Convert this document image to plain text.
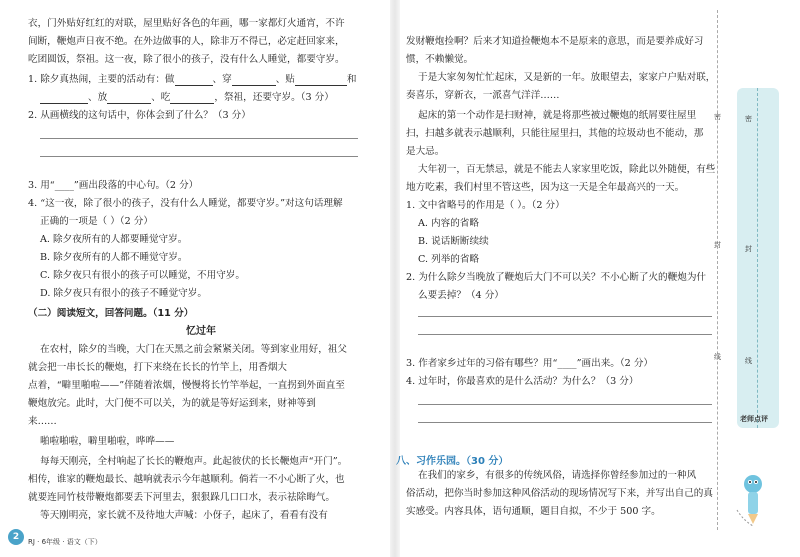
衣，门外贴好红红的对联，屋里贴好各色的年画，哪一家都灯火通宵，不许
间断，鞭炮声日夜不绝。在外边做事的人，除非万不得已，必定赶回家来，
吃团圆饭，祭祖。这一夜，除了很小的孩子，没有什么人睡觉，都要守岁。
1. 除夕真热闹，主要的活动有：做	、穿	、贴	和
、放	、吃	，祭祖，还要守岁。（3 分）
2. 从画横线的这句话中，你体会到了什么？（3 分）
3. 用“____”画出段落的中心句。（2 分）
4. “这一夜，除了很小的孩子，没有什么人睡觉，都要守岁。”对这句话理解
正确的一项是（ ）（2 分）
A. 除夕夜所有的人都要睡觉守岁。
B. 除夕夜所有的人都不睡觉守岁。
C. 除夕夜只有很小的孩子可以睡觉，不用守岁。
D. 除夕夜只有很小的孩子不睡觉守岁。
（二）阅读短文，回答问题。（11 分）
忆过年
在农村，除夕的当晚，大门在天黑之前会紧紧关闭。等到家业用好，祖父
就会把一串长长的鞭炮，打下来绕在长长的竹竿上，用香烟大
点着，“噼里啪啦——”伴随着浓烟，慢慢将长竹竿举起，一直拐到外面直至
鞭炮放完。此时，大门便不可以关，为的就是等好运到来，财神等到
来……
啪啦啪啦，噼里啪啦，哗哗——
每每天刚亮，全村响起了长长的鞭炮声。此起彼伏的长长鞭炮声“开门”。
相传，谁家的鞭炮最长、越响就表示今年越顺利。倘若一不小心断了火，也
就要连同竹枝带鞭炮都要丢下河里去，狠狠跺几口口水，表示祛除晦气。
等天刚明亮，家长就不及待地大声喊：小伢子，起床了，看看有没有
发财鞭炮捡啊？后来才知道捡鞭炮本不是原来的意思，而是要养成好习
惯，不赖懒觉。
于是大家匆匆忙忙起床，又是新的一年。放眼望去，家家户户贴对联，
奏喜乐，穿新衣，一派喜气洋洋……
起床的第一个动作是扫财神，就是将那些被过鞭炮的纸屑要往屋里
扫，扫越多就表示越顺利，只能往屋里扫，其他的垃圾动也不能动，那
是大忌。
大年初一，百无禁忌，就是不能去人家家里吃饭，除此以外随便，有些
地方吃素，我们村里不管这些，因为这一天是全年最高兴的一天。
1. 文中省略号的作用是（ ）。（2 分）
A. 内容的省略
B. 说话断断续续
C. 列举的省略
2. 为什么除夕当晚放了鞭炮后大门不可以关？不小心断了火的鞭炮为什
么要丢掉？（4 分）
3. 作者家乡过年的习俗有哪些？用“____”画出来。（2 分）
4. 过年时，你最喜欢的是什么活动？为什么？（3 分）
八、习作乐园。（30 分）
在我们的家乡，有很多的传统风俗，请选择你曾经参加过的一种风
俗活动，把你当时参加这种风俗活动的现场情况写下来，并写出自己的真
实感受。内容具体，语句通顺，题目自拟，不少于 500 字。
密
封
线
密
封
线
老师点评
2	RJ · 6年级 · 语文（下）
